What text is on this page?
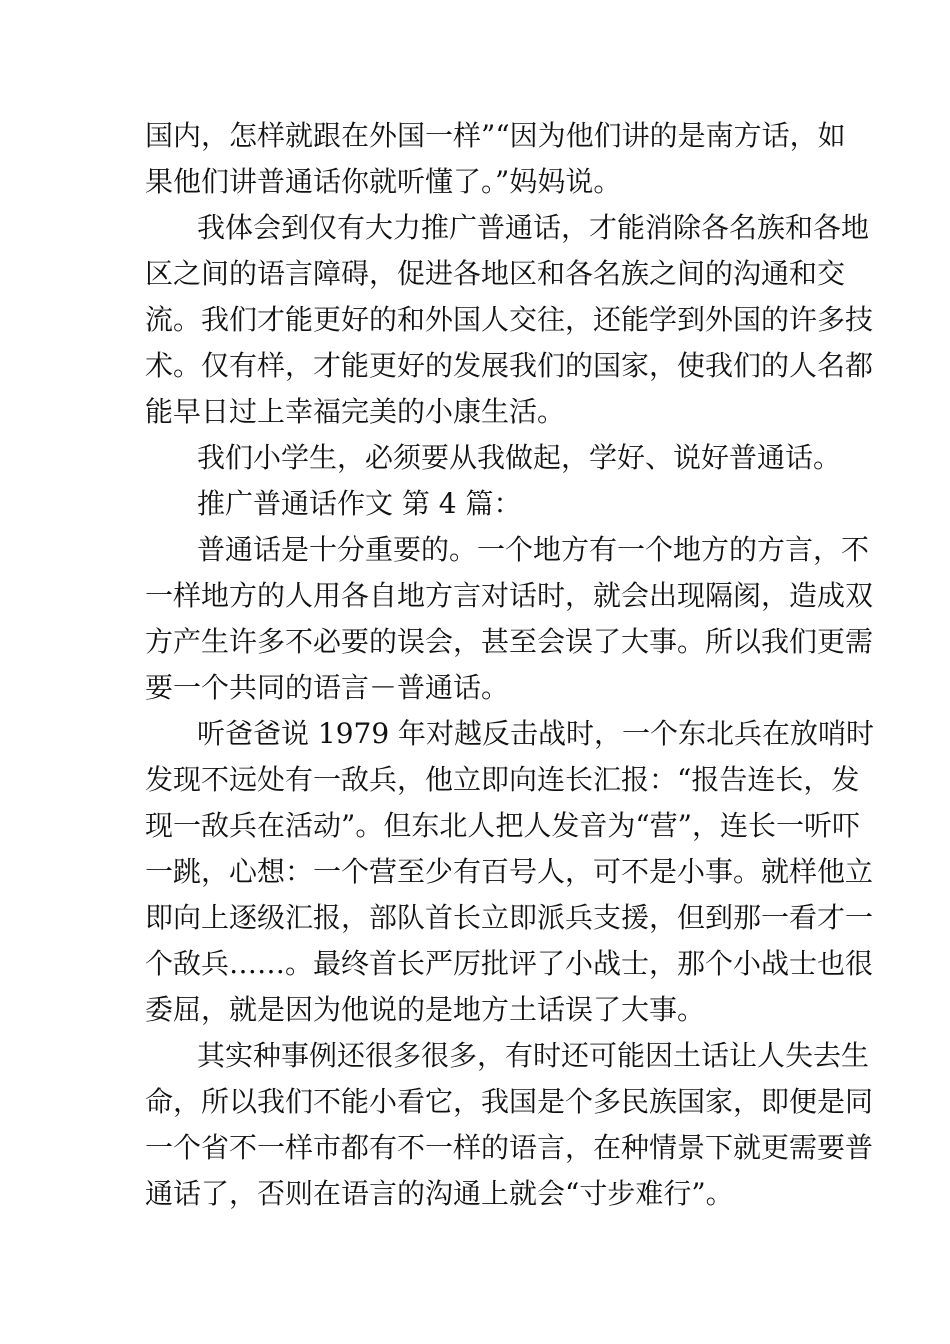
国内，怎样就跟在外国一样”“因为他们讲的是南方话，如
果他们讲普通话你就听懂了。”妈妈说。
我体会到仅有大力推广普通话，才能消除各名族和各地
区之间的语言障碍，促进各地区和各名族之间的沟通和交
流。我们才能更好的和外国人交往，还能学到外国的许多技
术。仅有样，才能更好的发展我们的国家，使我们的人名都
能早日过上幸福完美的小康生活。
我们小学生，必须要从我做起，学好、说好普通话。
推广普通话作文 第 4 篇：
普通话是十分重要的。一个地方有一个地方的方言，不
一样地方的人用各自地方言对话时，就会出现隔阂，造成双
方产生许多不必要的误会，甚至会误了大事。所以我们更需
要一个共同的语言－普通话。
听爸爸说 1979 年对越反击战时，一个东北兵在放哨时
发现不远处有一敌兵，他立即向连长汇报：“报告连长，发
现一敌兵在活动”。但东北人把人发音为“营”，连长一听吓
一跳，心想：一个营至少有百号人，可不是小事。就样他立
即向上逐级汇报，部队首长立即派兵支援，但到那一看才一
个敌兵……。最终首长严厉批评了小战士，那个小战士也很
委屈，就是因为他说的是地方土话误了大事。
其实种事例还很多很多，有时还可能因土话让人失去生
命，所以我们不能小看它，我国是个多民族国家，即便是同
一个省不一样市都有不一样的语言，在种情景下就更需要普
通话了，否则在语言的沟通上就会“寸步难行”。
